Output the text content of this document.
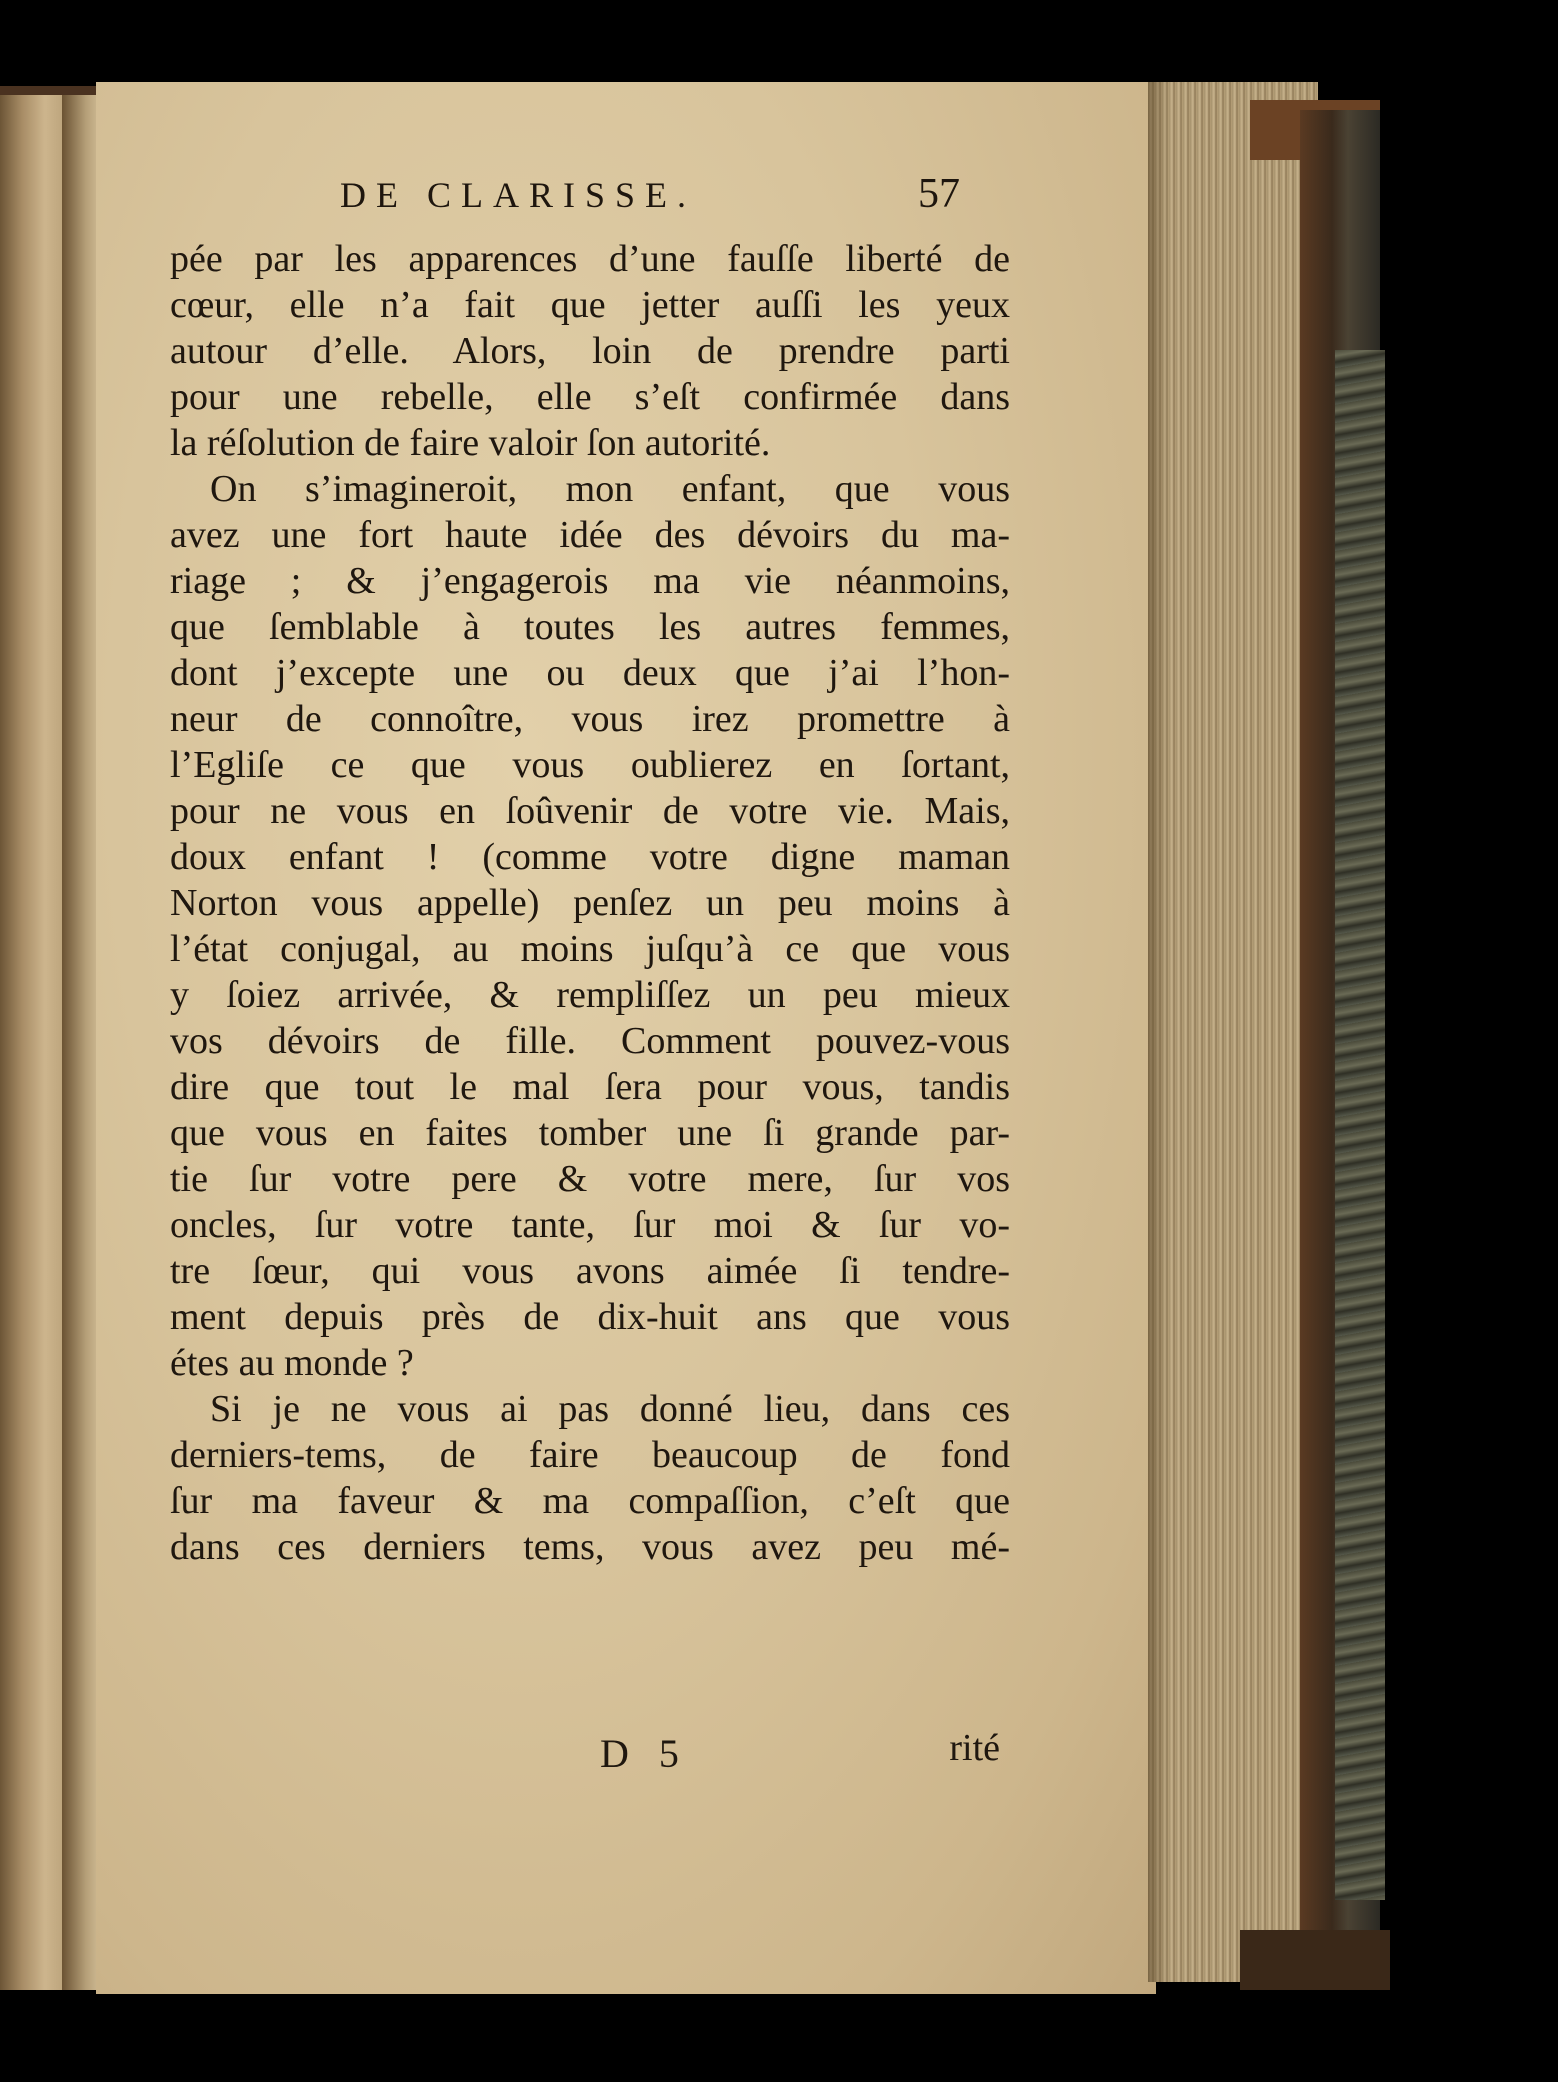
DE CLARISSE.	57
pée par les apparences d’une fauſſe liberté de
cœur, elle n’a fait que jetter auſſi les yeux
autour d’elle. Alors, loin de prendre parti
pour une rebelle, elle s’eſt confirmée dans
la réſolution de faire valoir ſon autorité.
On s’imagineroit, mon enfant, que vous
avez une fort haute idée des dévoirs du ma-
riage ; & j’engagerois ma vie néanmoins,
que ſemblable à toutes les autres femmes,
dont j’excepte une ou deux que j’ai l’hon-
neur de connoître, vous irez promettre à
l’Egliſe ce que vous oublierez en ſortant,
pour ne vous en ſoûvenir de votre vie. Mais,
doux enfant ! (comme votre digne maman
Norton vous appelle) penſez un peu moins à
l’état conjugal, au moins juſqu’à ce que vous
y ſoiez arrivée, & rempliſſez un peu mieux
vos dévoirs de fille. Comment pouvez-vous
dire que tout le mal ſera pour vous, tandis
que vous en faites tomber une ſi grande par-
tie ſur votre pere & votre mere, ſur vos
oncles, ſur votre tante, ſur moi & ſur vo-
tre ſœur, qui vous avons aimée ſi tendre-
ment depuis près de dix-huit ans que vous
étes au monde ?
Si je ne vous ai pas donné lieu, dans ces
derniers-tems, de faire beaucoup de fond
ſur ma faveur & ma compaſſion, c’eſt que
dans ces derniers tems, vous avez peu mé-
D 5	rité
